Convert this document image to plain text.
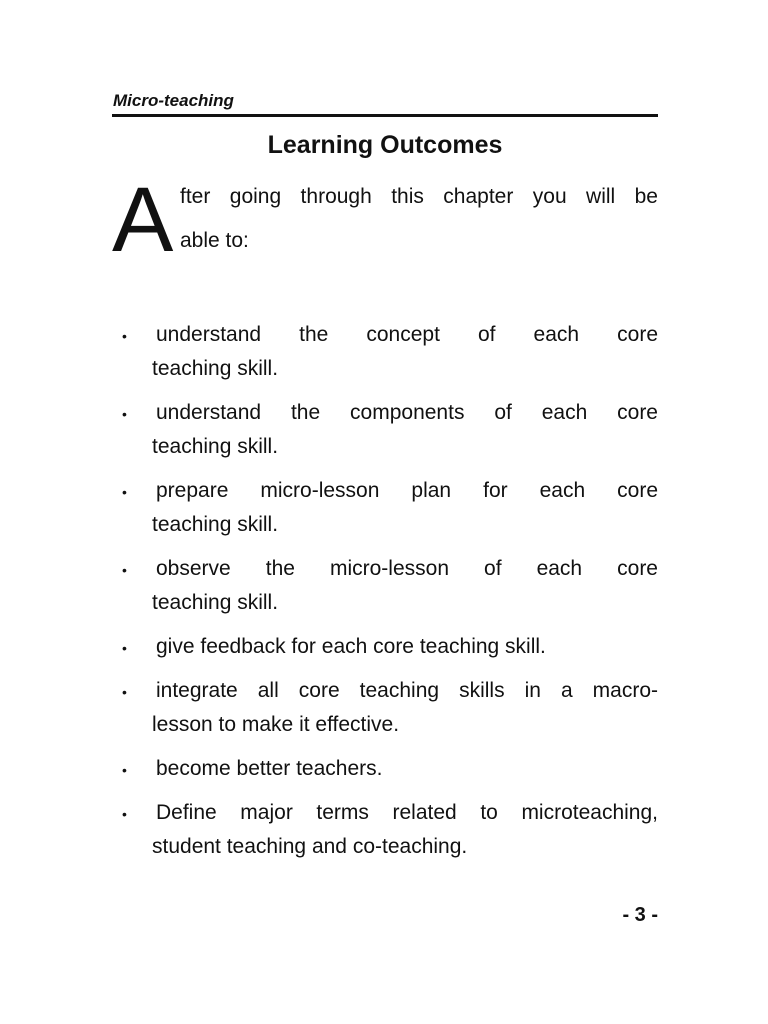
Micro-teaching
Learning Outcomes
A fter going through this chapter you will be
able to:
• understand the concept of each core
teaching skill.
• understand the components of each core
teaching skill.
• prepare micro-lesson plan for each core
teaching skill.
• observe the micro-lesson of each core
teaching skill.
• give feedback for each core teaching skill.
• integrate all core teaching skills in a macro-
lesson to make it effective.
• become better teachers.
• Define major terms related to microteaching,
student teaching and co-teaching.
- 3 -
